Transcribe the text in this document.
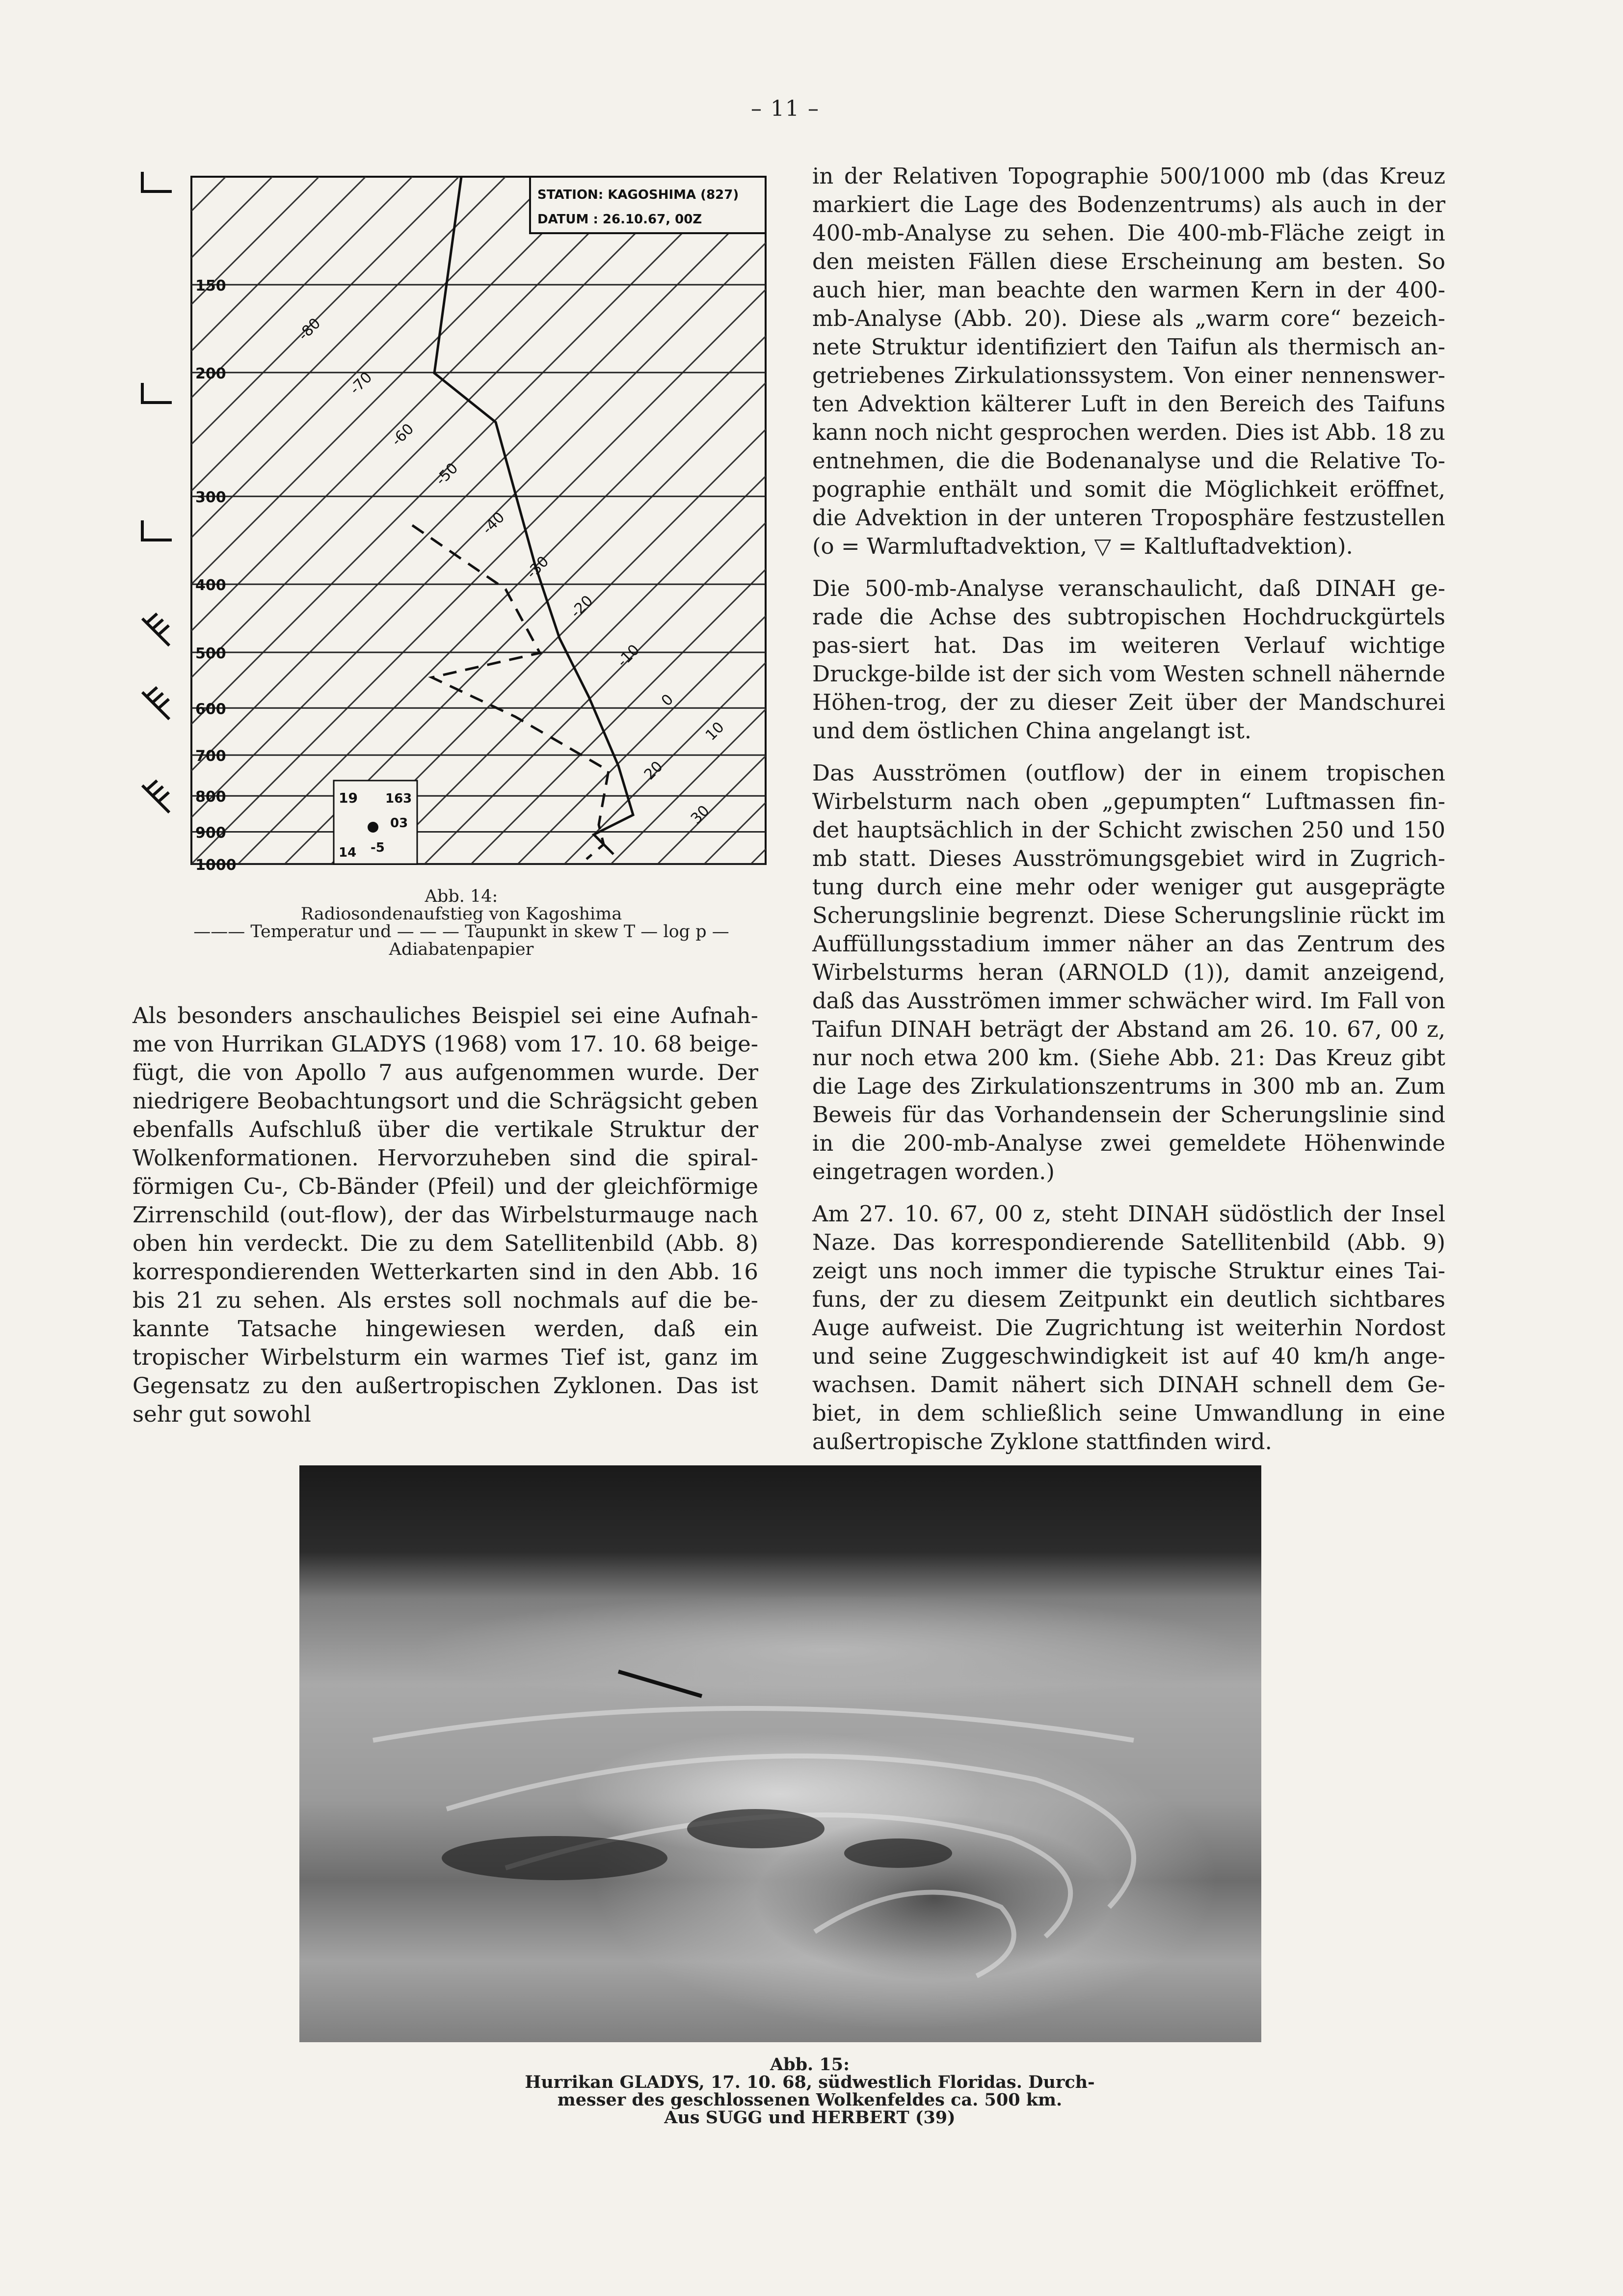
– 11 –
150
200
300
400
500
600
700
800
900
1000
STATION: KAGOSHIMA (827)
DATUM : 26.10.67, 00Z
-80
-70
-60
-50
-40
-30
-20
-10
0
10
20
30
19 163
03
14 -5
Abb. 14:
Radiosondenaufstieg von Kagoshima
——— Temperatur und — — — Taupunkt in skew T — log p —
Adiabatenpapier

Als besonders anschauliches Beispiel sei eine Aufnah-me von Hurrikan GLADYS (1968) vom 17. 10. 68 beige-fügt, die von Apollo 7 aus aufgenommen wurde. Der niedrigere Beobachtungsort und die Schrägsicht geben ebenfalls Aufschluß über die vertikale Struktur der Wolkenformationen. Hervorzuheben sind die spiral-förmigen Cu-, Cb-Bänder (Pfeil) und der gleichförmige Zirrenschild (out-flow), der das Wirbelsturmauge nach oben hin verdeckt. Die zu dem Satellitenbild (Abb. 8) korrespondierenden Wetterkarten sind in den Abb. 16 bis 21 zu sehen. Als erstes soll nochmals auf die be-kannte Tatsache hingewiesen werden, daß ein tropischer Wirbelsturm ein warmes Tief ist, ganz im Gegensatz zu den außertropischen Zyklonen. Das ist sehr gut sowohl

in der Relativen Topographie 500/1000 mb (das Kreuz markiert die Lage des Bodenzentrums) als auch in der 400-mb-Analyse zu sehen. Die 400-mb-Fläche zeigt in den meisten Fällen diese Erscheinung am besten. So auch hier, man beachte den warmen Kern in der 400-mb-Analyse (Abb. 20). Diese als „warm core“ bezeich-nete Struktur identifiziert den Taifun als thermisch an-getriebenes Zirkulationssystem. Von einer nennenswer-ten Advektion kälterer Luft in den Bereich des Taifuns kann noch nicht gesprochen werden. Dies ist Abb. 18 zu entnehmen, die die Bodenanalyse und die Relative To-pographie enthält und somit die Möglichkeit eröffnet, die Advektion in der unteren Troposphäre festzustellen (o = Warmluftadvektion, ▽ = Kaltluftadvektion).

Die 500-mb-Analyse veranschaulicht, daß DINAH ge-rade die Achse des subtropischen Hochdruckgürtels pas-siert hat. Das im weiteren Verlauf wichtige Druckge-bilde ist der sich vom Westen schnell nähernde Höhen-trog, der zu dieser Zeit über der Mandschurei und dem östlichen China angelangt ist.

Das Ausströmen (outflow) der in einem tropischen Wirbelsturm nach oben „gepumpten“ Luftmassen fin-det hauptsächlich in der Schicht zwischen 250 und 150 mb statt. Dieses Ausströmungsgebiet wird in Zugrich-tung durch eine mehr oder weniger gut ausgeprägte Scherungslinie begrenzt. Diese Scherungslinie rückt im Auffüllungsstadium immer näher an das Zentrum des Wirbelsturms heran (ARNOLD (1)), damit anzeigend, daß das Ausströmen immer schwächer wird. Im Fall von Taifun DINAH beträgt der Abstand am 26. 10. 67, 00 z, nur noch etwa 200 km. (Siehe Abb. 21: Das Kreuz gibt die Lage des Zirkulationszentrums in 300 mb an. Zum Beweis für das Vorhandensein der Scherungslinie sind in die 200-mb-Analyse zwei gemeldete Höhenwinde eingetragen worden.)

Am 27. 10. 67, 00 z, steht DINAH südöstlich der Insel Naze. Das korrespondierende Satellitenbild (Abb. 9) zeigt uns noch immer die typische Struktur eines Tai-funs, der zu diesem Zeitpunkt ein deutlich sichtbares Auge aufweist. Die Zugrichtung ist weiterhin Nordost und seine Zuggeschwindigkeit ist auf 40 km/h ange-wachsen. Damit nähert sich DINAH schnell dem Ge-biet, in dem schließlich seine Umwandlung in eine außertropische Zyklone stattfinden wird.

Abb. 15:
Hurrikan GLADYS, 17. 10. 68, südwestlich Floridas. Durch-
messer des geschlossenen Wolkenfeldes ca. 500 km.
Aus SUGG und HERBERT (39)
